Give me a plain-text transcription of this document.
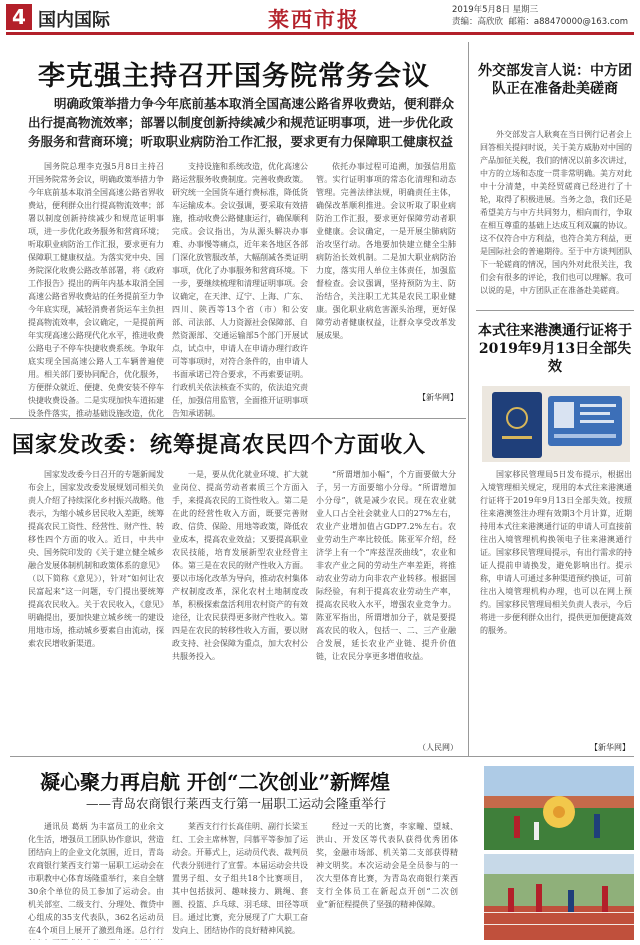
4 国内国际	莱西市报	2019年5月8日 星期三
责编：高欣欣 邮箱：a88470000@163.com
李克强主持召开国务院常务会议
明确政策举措力争今年底前基本取消全国高速公路省界收费站，便利群众出行提高物流效率；部署以制度创新持续减少和规范证明事项，进一步优化政务服务和营商环境；听取职业病防治工作汇报，要求更有力保障职工健康权益

国务院总理李克强5月8日主持召开国务院常务会议，明确政策举措力争今年底前基本取消全国高速公路省界收费站，便利群众出行提高物流效率；部署以制度创新持续减少和规范证明事项，进一步优化政务服务和营商环境；听取职业病防治工作汇报，要求更有力保障职工健康权益。为落实党中央、国务院深化收费公路改革部署，将《政府工作报告》提出的两年内基本取消全国高速公路省界收费站的任务提前至力争今年底实现，减轻消费者货运车主负担提高物流效率，会议确定，一是提前两年实现高速公路现代化水平，推进收费公路电子不停车快捷收费系统。争取年底实现全国高速公路人工车辆普遍使用。相关部门要协同配合，优化服务，方便群众就近、便捷、免费安装不停车快捷收费设备。二是实现加快车道拓建设条件落实，推动基础设施改造，优化

支持设施和系统改造，优化高速公路运营服务收费制度。完善收费政策。研究统一全国货车通行费标准，降低货车运输成本。会议强调，要采取有效措施，推动收费公路健康运行，确保顺利完成。会议指出，为从源头解决办事难、办事慢等痛点，近年来各地区各部门深化放管服改革，大幅削减各类证明事项，优化了办事服务和营商环境。下一步，要继续梳理和清理证明事项。会议确定，在天津、辽宁、上海、广东、四川、陕西等13个省（市）和公安部、司法部、人力资源社会保障部、自然资源部、交通运输部5个部门开展试点，试点中，申请人在申请办理行政许可等事项时，对符合条件的，由申请人书面承诺已符合要求，不再索要证明。行政机关依法核查不实的，依法追究责任，加强信用监管，全面推开证明事项告知承诺制。

依托办事过程可追溯，加强信用监管。实行证明事项的常态化清理和动态管理。完善法律法规，明确责任主体，确保改革顺利推进。会议听取了职业病防治工作汇报，要求更好保障劳动者职业健康。会议确定，一是开展尘肺病防治攻坚行动。各地要加快建立健全尘肺病防治长效机制。二是加大职业病防治力度，落实用人单位主体责任，加强监督检查。会议强调，坚持预防为主、防治结合，关注职工尤其是农民工职业健康。强化职业病危害源头治理，更好保障劳动者健康权益，让群众享受改革发展成果。

【新华网】
外交部发言人说：中方团队正在准备赴美磋商

外交部发言人耿爽在当日例行记者会上回答相关提问时说，关于美方威胁对中国的产品加征关税，我们的情况以前多次讲过，中方的立场和态度一贯非常明确。美方对此中十分清楚，中美经贸磋商已经进行了十轮，取得了积极进展。当务之急，我们还是希望美方与中方共同努力，相向而行，争取在相互尊重的基础上达成互利双赢的协议。这不仅符合中方利益，也符合美方利益，更是国际社会的普遍期待。至于中方谈判团队下一轮磋商的情况，国内外对此很关注，我们会有很多的评论，我们也可以理解。我可以说的是，中方团队正在准备赴美磋商。

本式往来港澳通行证将于2019年9月13日全部失效

国家移民管理局5日发布提示，根据出入境管理相关规定，现用的本式往来港澳通行证将于2019年9月13日全部失效。按照往来港澳签注办理有效期3个月计算，近期持用本式往来港澳通行证的申请人可直接前往出入境管理机构换领电子往来港澳通行证。国家移民管理局提示，有出行需求的持证人提前申请换发，避免影响出行。提示称，申请人可通过多种渠道预约换证，可前往出入境管理机构办理，也可以在网上预约。国家移民管理局相关负责人表示，今后将进一步便利群众出行，提供更加便捷高效的服务。

【新华网】
国家发改委：统筹提高农民四个方面收入

国家发改委今日召开的专题新闻发布会上，国家发改委发展规划司相关负责人介绍了持续深化乡村振兴战略。他表示，为缩小城乡居民收入差距，统筹提高农民工资性、经营性、财产性、转移性四个方面的收入。近日，中共中央、国务院印发的《关于建立健全城乡融合发展体制机制和政策体系的意见》（以下简称《意见》），针对“如何让农民富起来”这一问题，专门提出要统筹提高农民收入。关于农民收入，《意见》明确提出，要加快建立城乡统一的建设用地市场，推动城乡要素自由流动，探索农民增收新渠道。

一是，要从优化就业环境、扩大就业岗位、提高劳动者素质三个方面入手，来提高农民的工资性收入。第二是在此的经营性收入方面，既要完善财政、信贷、保险、用地等政策，降低农业成本，提高农业效益；又要提高职业农民技能，培育发展新型农业经营主体。第三是在农民的财产性收入方面。要以市场化改革为导向，推动农村集体产权制度改革，深化农村土地制度改革，积极探索盘活利用农村资产的有效途径，让农民获得更多财产性收入。第四是在农民的转移性收入方面，要以财政支持、社会保障为重点，加大农村公共服务投入。

“所谓增加小幅”，个方面要做大分子，另一方面要缩小分母。“所谓增加小分母”，就是减少农民。现在农业就业人口占全社会就业人口的27%左右，农业产业增加值占GDP7.2%左右。农业劳动生产率比较低。陈亚军介绍，经济学上有一个“库兹涅茨曲线”，农业和非农产业之间的劳动生产率差距，将推动农业劳动力向非农产业转移。根据国际经验，有利于提高农业劳动生产率，提高农民收入水平，增强农业竞争力。陈亚军指出，所谓增加分子，就是要提高农民的收入，包括一、二、三产业融合发展，延长农业产业链、提升价值链，让农民分享更多增值收益。

（人民网）
凝心聚力再启航 开创“二次创业”新辉煌
——青岛农商银行莱西支行第一届职工运动会隆重举行

通讯员 葛炳 为丰富员工的业余文化生活，增强员工团队协作意识，营造团结向上的企业文化氛围，近日，青岛农商银行莱西支行第一届职工运动会在市职教中心体育场隆重举行，来自全辖30余个单位的员工参加了运动会。由机关部室、二级支行、分理处、微贷中心组成的35支代表队，362名运动员在4个项目上展开了激烈角逐。总行行

莱西支行行长高佳明、副行长梁玉红、工会主席林智，闫慕平等参加了运动会。开幕式上，运动员代表、裁判员代表分别进行了宣誓。本届运动会共设置男子组、女子组共18个比赛项目，其中包括拔河、趣味接力、跳绳、套圈、投篮、乒乓球、羽毛球、田径等项目。通过比赛，充分展现了广大职工奋发向上、团结协作的良好精神风貌。

经过一天的比赛，李家疃、望城、洪山、开发区等代表队获得优秀团体奖，金融市场部、机关第二支部获得精神文明奖。本次运动会是全员参与的一次大型体育比赛，为青岛农商银行莱西支行全体员工在新起点开创“二次创业”新征程提供了坚强的精神保障。
